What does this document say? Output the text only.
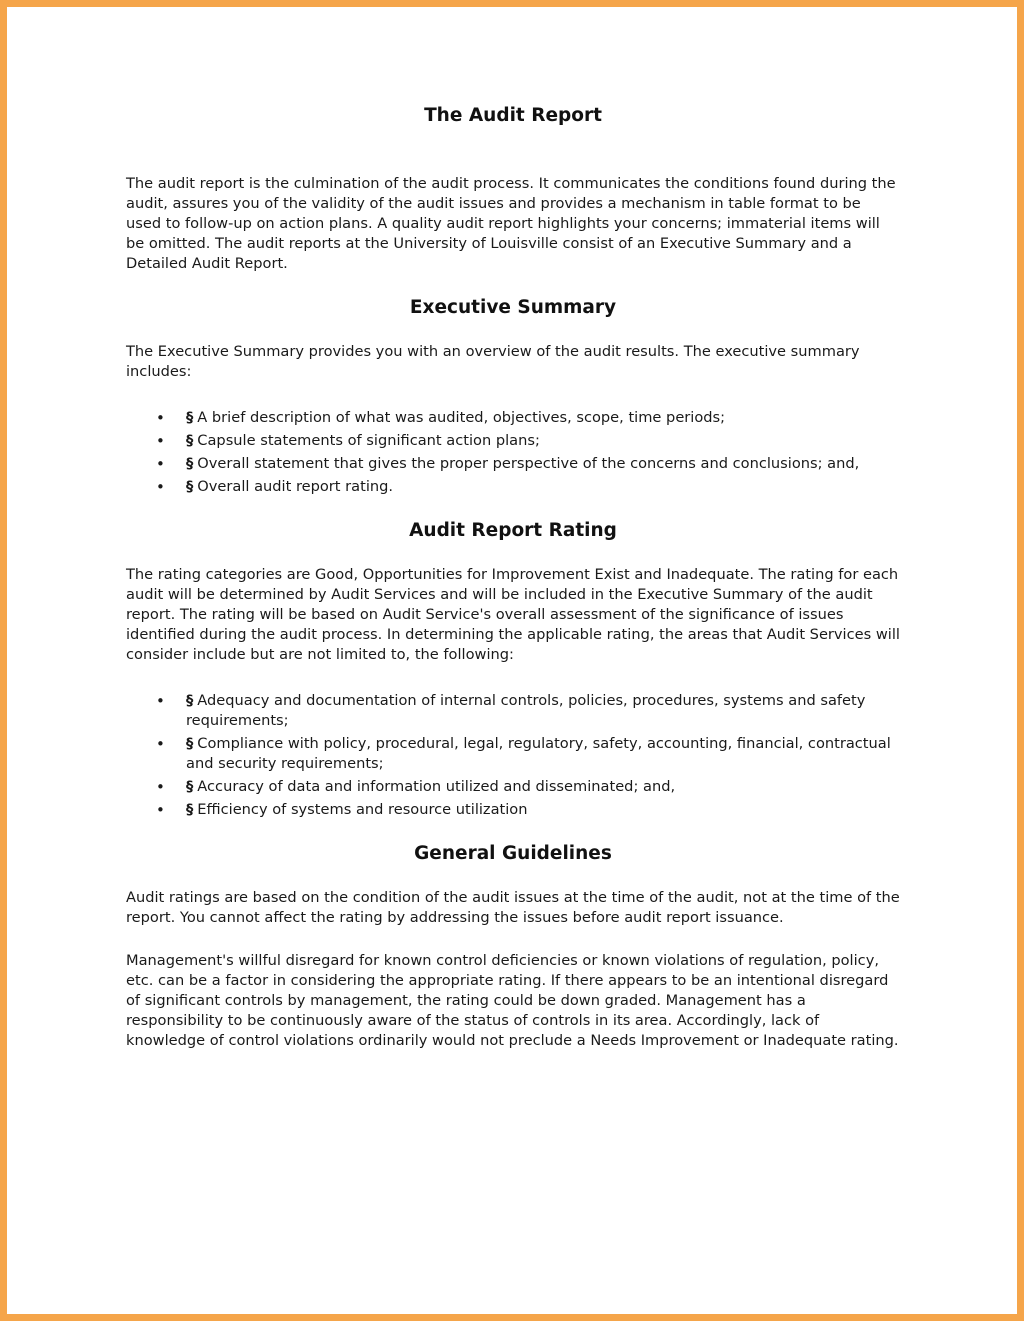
The Audit Report

The audit report is the culmination of the audit process. It communicates the conditions found during the audit, assures you of the validity of the audit issues and provides a mechanism in table format to be used to follow-up on action plans. A quality audit report highlights your concerns; immaterial items will be omitted. The audit reports at the University of Louisville consist of an Executive Summary and a Detailed Audit Report.

Executive Summary

The Executive Summary provides you with an overview of the audit results. The executive summary includes:

• § A brief description of what was audited, objectives, scope, time periods;
• § Capsule statements of significant action plans;
• § Overall statement that gives the proper perspective of the concerns and conclusions; and,
• § Overall audit report rating.
Audit Report Rating

The rating categories are Good, Opportunities for Improvement Exist and Inadequate. The rating for each audit will be determined by Audit Services and will be included in the Executive Summary of the audit report. The rating will be based on Audit Service's overall assessment of the significance of issues identified during the audit process. In determining the applicable rating, the areas that Audit Services will consider include but are not limited to, the following:

• § Adequacy and documentation of internal controls, policies, procedures, systems and safety requirements;
• § Compliance with policy, procedural, legal, regulatory, safety, accounting, financial, contractual and security requirements;
• § Accuracy of data and information utilized and disseminated; and,
• § Efficiency of systems and resource utilization
General Guidelines

Audit ratings are based on the condition of the audit issues at the time of the audit, not at the time of the report. You cannot affect the rating by addressing the issues before audit report issuance.

Management's willful disregard for known control deficiencies or known violations of regulation, policy, etc. can be a factor in considering the appropriate rating. If there appears to be an intentional disregard of significant controls by management, the rating could be down graded. Management has a responsibility to be continuously aware of the status of controls in its area. Accordingly, lack of knowledge of control violations ordinarily would not preclude a Needs Improvement or Inadequate rating.
